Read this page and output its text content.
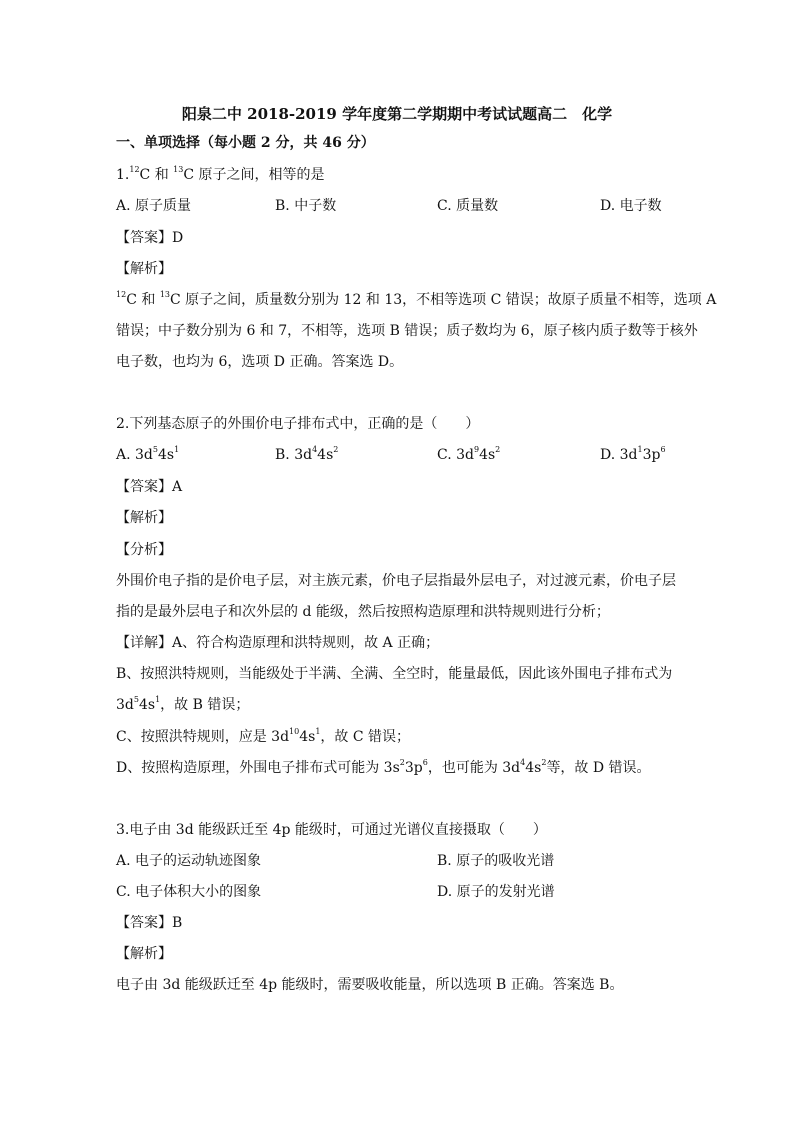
阳泉二中 2018-2019 学年度第二学期期中考试试题高二　化学
一、单项选择（每小题 2 分，共 46 分）
1.12C 和 $^{13}$C 原子之间，相等的是
A. 原子质量	B. 中子数	C. 质量数	D. 电子数
【答案】D
【解析】
$^{12}$C 和 $^{13}$C 原子之间，质量数分别为 12 和 13，不相等选项 C 错误；故原子质量不相等，选项 A
错误；中子数分别为 6 和 7，不相等，选项 B 错误；质子数均为 6，原子核内质子数等于核外
电子数，也均为 6，选项 D 正确。答案选 D。
2.下列基态原子的外围价电子排布式中，正确的是（　　）
A. $3d^54s^1$	B. $3d^44s^2$	C. $3d^94s^2$	D. $3d^13p^6$
【答案】A
【解析】
【分析】
外围价电子指的是价电子层，对主族元素，价电子层指最外层电子，对过渡元素，价电子层
指的是最外层电子和次外层的 d 能级，然后按照构造原理和洪特规则进行分析；
【详解】A、符合构造原理和洪特规则，故 A 正确；
B、按照洪特规则，当能级处于半满、全满、全空时，能量最低，因此该外围电子排布式为
$3d^54s^1$，故 B 错误；
C、按照洪特规则，应是 $3d^{10}4s^1$，故 C 错误；
D、按照构造原理，外围电子排布式可能为 $3s^23p^6$，也可能为 $3d^44s^2$等，故 D 错误。
3.电子由 3d 能级跃迁至 4p 能级时，可通过光谱仪直接摄取（　　）
A. 电子的运动轨迹图象	B. 原子的吸收光谱
C. 电子体积大小的图象	D. 原子的发射光谱
【答案】B
【解析】
电子由 3d 能级跃迁至 4p 能级时，需要吸收能量，所以选项 B 正确。答案选 B。
